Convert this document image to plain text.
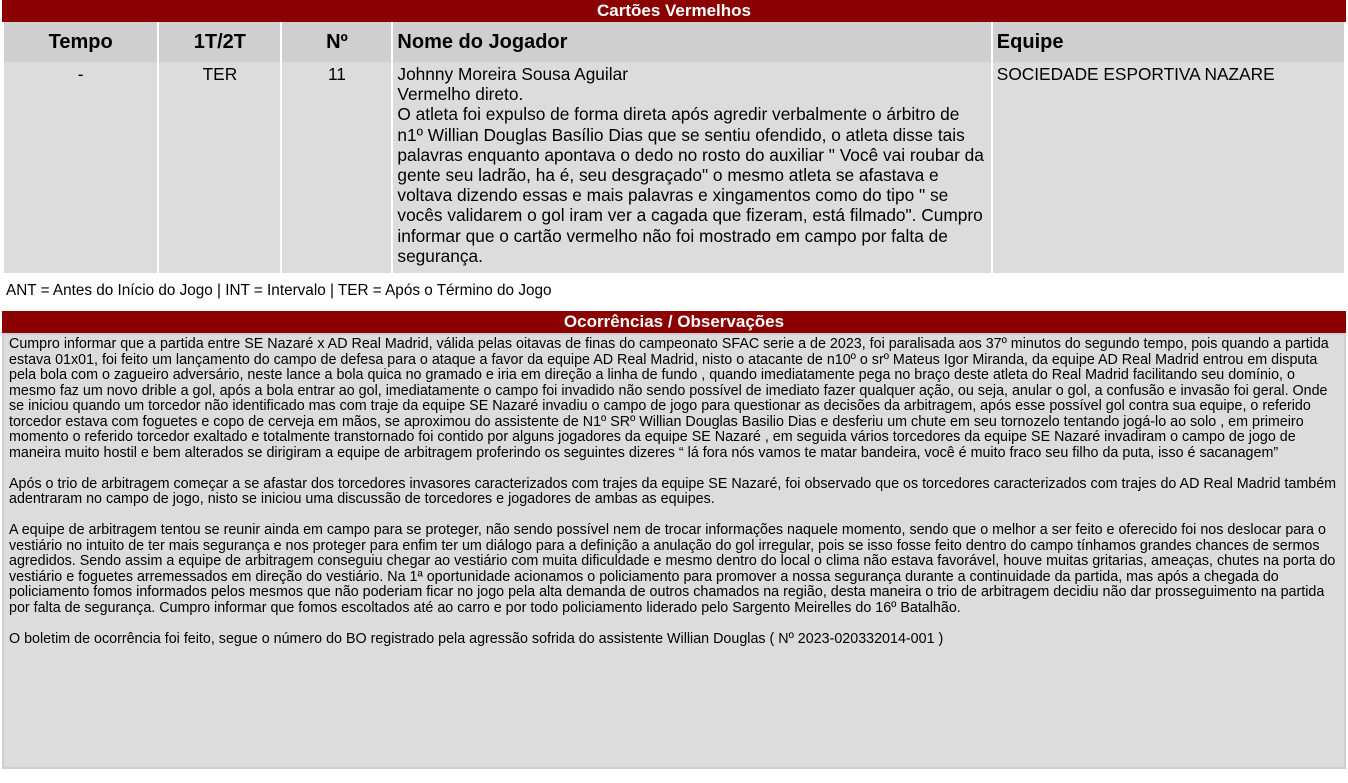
Cartões Vermelhos
Tempo	1T/2T	Nº	Nome do Jogador	Equipe
-	TER	11	Johnny Moreira Sousa Aguilar
Vermelho direto.
O atleta foi expulso de forma direta após agredir verbalmente o árbitro de n1º Willian Douglas Basílio Dias que se sentiu ofendido, o atleta disse tais palavras enquanto apontava o dedo no rosto do auxiliar " Você vai roubar da gente seu ladrão, ha é, seu desgraçado" o mesmo atleta se afastava e voltava dizendo essas e mais palavras e xingamentos como do tipo " se vocês validarem o gol iram ver a cagada que fizeram, está filmado". Cumpro informar que o cartão vermelho não foi mostrado em campo por falta de segurança.	SOCIEDADE ESPORTIVA NAZARE
ANT = Antes do Início do Jogo | INT = Intervalo | TER = Após o Término do Jogo
Ocorrências / Observações

Cumpro informar que a partida entre SE Nazaré x AD Real Madrid, válida pelas oitavas de finas do campeonato SFAC serie a de 2023, foi paralisada aos 37º minutos do segundo tempo, pois quando a partida estava 01x01, foi feito um lançamento do campo de defesa para o ataque a favor da equipe AD Real Madrid, nisto o atacante de n10º o srº Mateus Igor Miranda, da equipe AD Real Madrid entrou em disputa pela bola com o zagueiro adversário, neste lance a bola quica no gramado e iria em direção a linha de fundo , quando imediatamente pega no braço deste atleta do Real Madrid facilitando seu domínio, o mesmo faz um novo drible a gol, após a bola entrar ao gol, imediatamente o campo foi invadido não sendo possível de imediato fazer qualquer ação, ou seja, anular o gol, a confusão e invasão foi geral. Onde se iniciou quando um torcedor não identificado mas com traje da equipe SE Nazaré invadiu o campo de jogo para questionar as decisões da arbitragem, após esse possível gol contra sua equipe, o referido torcedor estava com foguetes e copo de cerveja em mãos, se aproximou do assistente de N1º SRº Willian Douglas Basilio Dias e desferiu um chute em seu tornozelo tentando jogá-lo ao solo , em primeiro momento o referido torcedor exaltado e totalmente transtornado foi contido por alguns jogadores da equipe SE Nazaré , em seguida vários torcedores da equipe SE Nazaré invadiram o campo de jogo de maneira muito hostil e bem alterados se dirigiram a equipe de arbitragem proferindo os seguintes dizeres “ lá fora nós vamos te matar bandeira, você é muito fraco seu filho da puta, isso é sacanagem”

Após o trio de arbitragem começar a se afastar dos torcedores invasores caracterizados com trajes da equipe SE Nazaré, foi observado que os torcedores caracterizados com trajes do AD Real Madrid também adentraram no campo de jogo, nisto se iniciou uma discussão de torcedores e jogadores de ambas as equipes.

A equipe de arbitragem tentou se reunir ainda em campo para se proteger, não sendo possível nem de trocar informações naquele momento, sendo que o melhor a ser feito e oferecido foi nos deslocar para o vestiário no intuito de ter mais segurança e nos proteger para enfim ter um diálogo para a definição a anulação do gol irregular, pois se isso fosse feito dentro do campo tínhamos grandes chances de sermos agredidos. Sendo assim a equipe de arbitragem conseguiu chegar ao vestiário com muita dificuldade e mesmo dentro do local o clima não estava favorável, houve muitas gritarias, ameaças, chutes na porta do vestiário e foguetes arremessados em direção do vestiário. Na 1ª oportunidade acionamos o policiamento para promover a nossa segurança durante a continuidade da partida, mas após a chegada do policiamento fomos informados pelos mesmos que não poderiam ficar no jogo pela alta demanda de outros chamados na região, desta maneira o trio de arbitragem decidiu não dar prosseguimento na partida por falta de segurança. Cumpro informar que fomos escoltados até ao carro e por todo policiamento liderado pelo Sargento Meirelles do 16º Batalhão.

O boletim de ocorrência foi feito, segue o número do BO registrado pela agressão sofrida do assistente Willian Douglas ( Nº 2023-020332014-001 )
